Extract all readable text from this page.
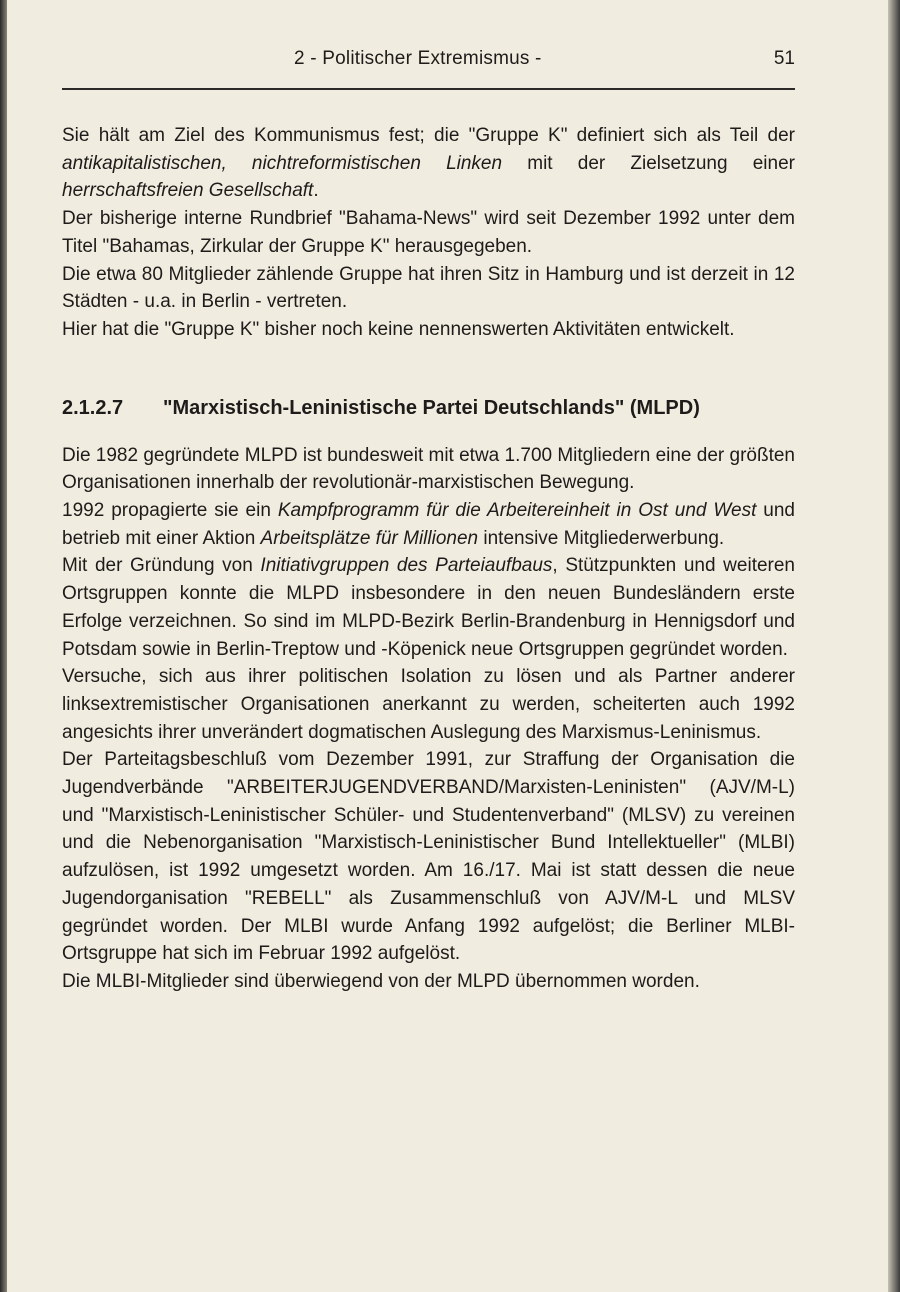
2 - Politischer Extremismus -	51

Sie hält am Ziel des Kommunismus fest; die "Gruppe K" definiert sich als Teil der antikapitalistischen, nichtreformistischen Linken mit der Zielsetzung einer herrschaftsfreien Gesellschaft.

Der bisherige interne Rundbrief "Bahama-News" wird seit Dezember 1992 unter dem Titel "Bahamas, Zirkular der Gruppe K" herausgegeben.

Die etwa 80 Mitglieder zählende Gruppe hat ihren Sitz in Hamburg und ist derzeit in 12 Städten - u.a. in Berlin - vertreten.

Hier hat die "Gruppe K" bisher noch keine nennenswerten Aktivitäten entwickelt.

2.1.2.7	"Marxistisch-Leninistische Partei Deutschlands" (MLPD)

Die 1982 gegründete MLPD ist bundesweit mit etwa 1.700 Mitgliedern eine der größten Organisationen innerhalb der revolutionär-marxistischen Bewegung.

1992 propagierte sie ein Kampfprogramm für die Arbeitereinheit in Ost und West und betrieb mit einer Aktion Arbeitsplätze für Millionen intensive Mitgliederwerbung.

Mit der Gründung von Initiativgruppen des Parteiaufbaus, Stützpunkten und weiteren Ortsgruppen konnte die MLPD insbesondere in den neuen Bundesländern erste Erfolge verzeichnen. So sind im MLPD-Bezirk Berlin-Brandenburg in Hennigsdorf und Potsdam sowie in Berlin-Treptow und -Köpenick neue Ortsgruppen gegründet worden.

Versuche, sich aus ihrer politischen Isolation zu lösen und als Partner anderer linksextremistischer Organisationen anerkannt zu werden, scheiterten auch 1992 angesichts ihrer unverändert dogmatischen Auslegung des Marxismus-Leninismus.

Der Parteitagsbeschluß vom Dezember 1991, zur Straffung der Organisation die Jugendverbände "ARBEITERJUGENDVERBAND/Marxisten-Leninisten" (AJV/M-L) und "Marxistisch-Leninistischer Schüler- und Studentenverband" (MLSV) zu vereinen und die Nebenorganisation "Marxistisch-Leninistischer Bund Intellektueller" (MLBI) aufzulösen, ist 1992 umgesetzt worden. Am 16./17. Mai ist statt dessen die neue Jugendorganisation "REBELL" als Zusammenschluß von AJV/M-L und MLSV gegründet worden. Der MLBI wurde Anfang 1992 aufgelöst; die Berliner MLBI-Ortsgruppe hat sich im Februar 1992 aufgelöst.

Die MLBI-Mitglieder sind überwiegend von der MLPD übernommen worden.
